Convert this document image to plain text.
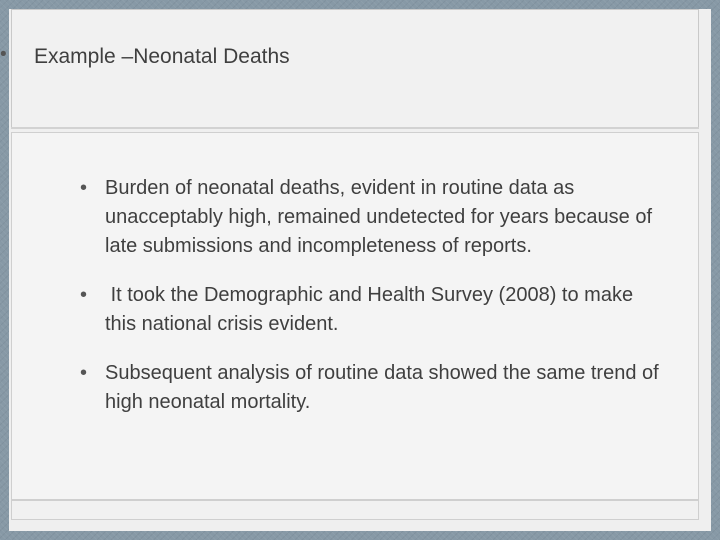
• Example –Neonatal Deaths
• Burden of neonatal deaths, evident in routine data as unacceptably high, remained undetected for years because of late submissions and incompleteness of reports.
• It took the Demographic and Health Survey (2008) to make this national crisis evident.
• Subsequent analysis of routine data showed the same trend of high neonatal mortality.
